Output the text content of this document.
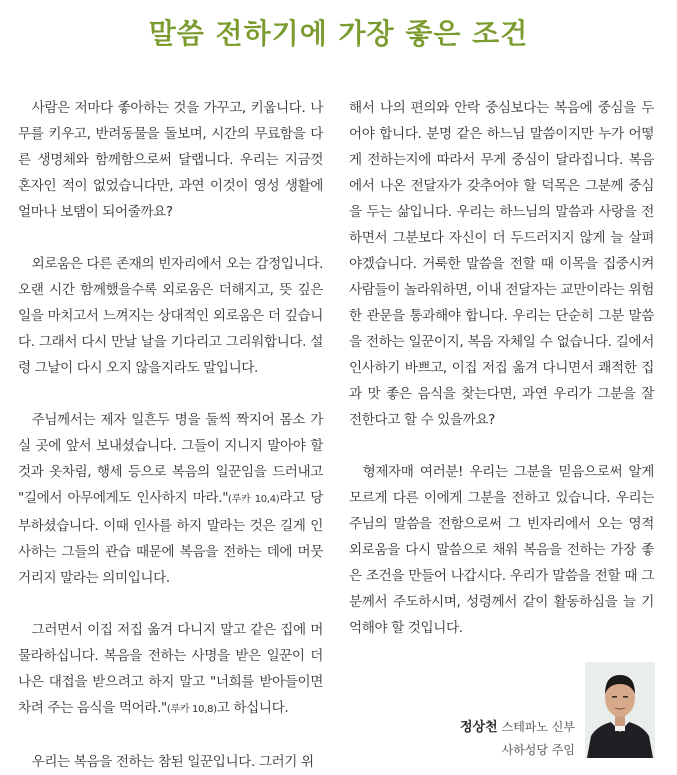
말씀 전하기에 가장 좋은 조건

사람은 저마다 좋아하는 것을 가꾸고, 키웁니다. 나무를 키우고, 반려동물을 돌보며, 시간의 무료함을 다른 생명체와 함께함으로써 달랩니다. 우리는 지금껏 혼자인 적이 없었습니다만, 과연 이것이 영성 생활에 얼마나 보탬이 되어줄까요?

외로움은 다른 존재의 빈자리에서 오는 감정입니다. 오랜 시간 함께했을수록 외로움은 더해지고, 뜻 깊은 일을 마치고서 느껴지는 상대적인 외로움은 더 깊습니다. 그래서 다시 만날 날을 기다리고 그리워합니다. 설령 그날이 다시 오지 않을지라도 말입니다.

주님께서는 제자 일흔두 명을 둘씩 짝지어 몸소 가실 곳에 앞서 보내셨습니다. 그들이 지니지 말아야 할 것과 옷차림, 행세 등으로 복음의 일꾼임을 드러내고 "길에서 아무에게도 인사하지 마라."(루카 10,4)라고 당부하셨습니다. 이때 인사를 하지 말라는 것은 길게 인사하는 그들의 관습 때문에 복음을 전하는 데에 머뭇거리지 말라는 의미입니다.

그러면서 이집 저집 옮겨 다니지 말고 같은 집에 머물라하십니다. 복음을 전하는 사명을 받은 일꾼이 더 나은 대접을 받으려고 하지 말고 "너희를 받아들이면 차려 주는 음식을 먹어라."(루카 10,8)고 하십니다.

우리는 복음을 전하는 참된 일꾼입니다. 그러기 위

해서 나의 편의와 안락 중심보다는 복음에 중심을 두어야 합니다. 분명 같은 하느님 말씀이지만 누가 어떻게 전하는지에 따라서 무게 중심이 달라집니다. 복음에서 나온 전달자가 갖추어야 할 덕목은 그분께 중심을 두는 삶입니다. 우리는 하느님의 말씀과 사랑을 전하면서 그분보다 자신이 더 두드러지지 않게 늘 살펴야겠습니다. 거룩한 말씀을 전할 때 이목을 집중시켜 사람들이 놀라워하면, 이내 전달자는 교만이라는 위험한 관문을 통과해야 합니다. 우리는 단순히 그분 말씀을 전하는 일꾼이지, 복음 자체일 수 없습니다. 길에서 인사하기 바쁘고, 이집 저집 옮겨 다니면서 쾌적한 집과 맛 좋은 음식을 찾는다면, 과연 우리가 그분을 잘 전한다고 할 수 있을까요?

형제자매 여러분! 우리는 그분을 믿음으로써 알게 모르게 다른 이에게 그분을 전하고 있습니다. 우리는 주님의 말씀을 전함으로써 그 빈자리에서 오는 영적 외로움을 다시 말씀으로 채워 복음을 전하는 가장 좋은 조건을 만들어 나갑시다. 우리가 말씀을 전할 때 그분께서 주도하시며, 성령께서 같이 활동하심을 늘 기억해야 할 것입니다.

정상천 스테파노 신부
사하성당 주임
